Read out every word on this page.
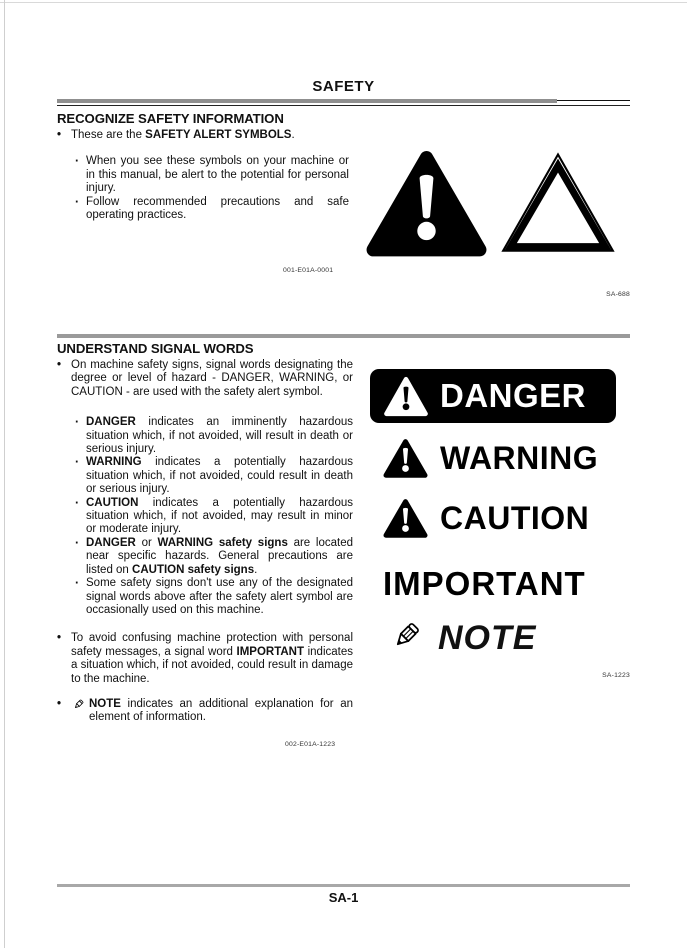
SAFETY
RECOGNIZE SAFETY INFORMATION
• These are the SAFETY ALERT SYMBOLS.
· When you see these symbols on your machine or in this manual, be alert to the potential for personal injury.
· Follow recommended precautions and safe operating practices.
001-E01A-0001
SA-688
UNDERSTAND SIGNAL WORDS
• On machine safety signs, signal words designating the degree or level of hazard - DANGER, WARNING, or CAUTION - are used with the safety alert symbol.
· DANGER indicates an imminently hazardous situation which, if not avoided, will result in death or serious injury.
· WARNING indicates a potentially hazardous situation which, if not avoided, could result in death or serious injury.
· CAUTION indicates a potentially hazardous situation which, if not avoided, may result in minor or moderate injury.
· DANGER or WARNING safety signs are located near specific hazards. General precautions are listed on CAUTION safety signs.
· Some safety signs don't use any of the designated signal words above after the safety alert symbol are occasionally used on this machine.
• To avoid confusing machine protection with personal safety messages, a signal word IMPORTANT indicates a situation which, if not avoided, could result in damage to the machine.
•	NOTE indicates an additional explanation for an element of information.
002-E01A-1223
DANGER
WARNING
CAUTION
IMPORTANT
NOTE
SA-1223
SA-1
